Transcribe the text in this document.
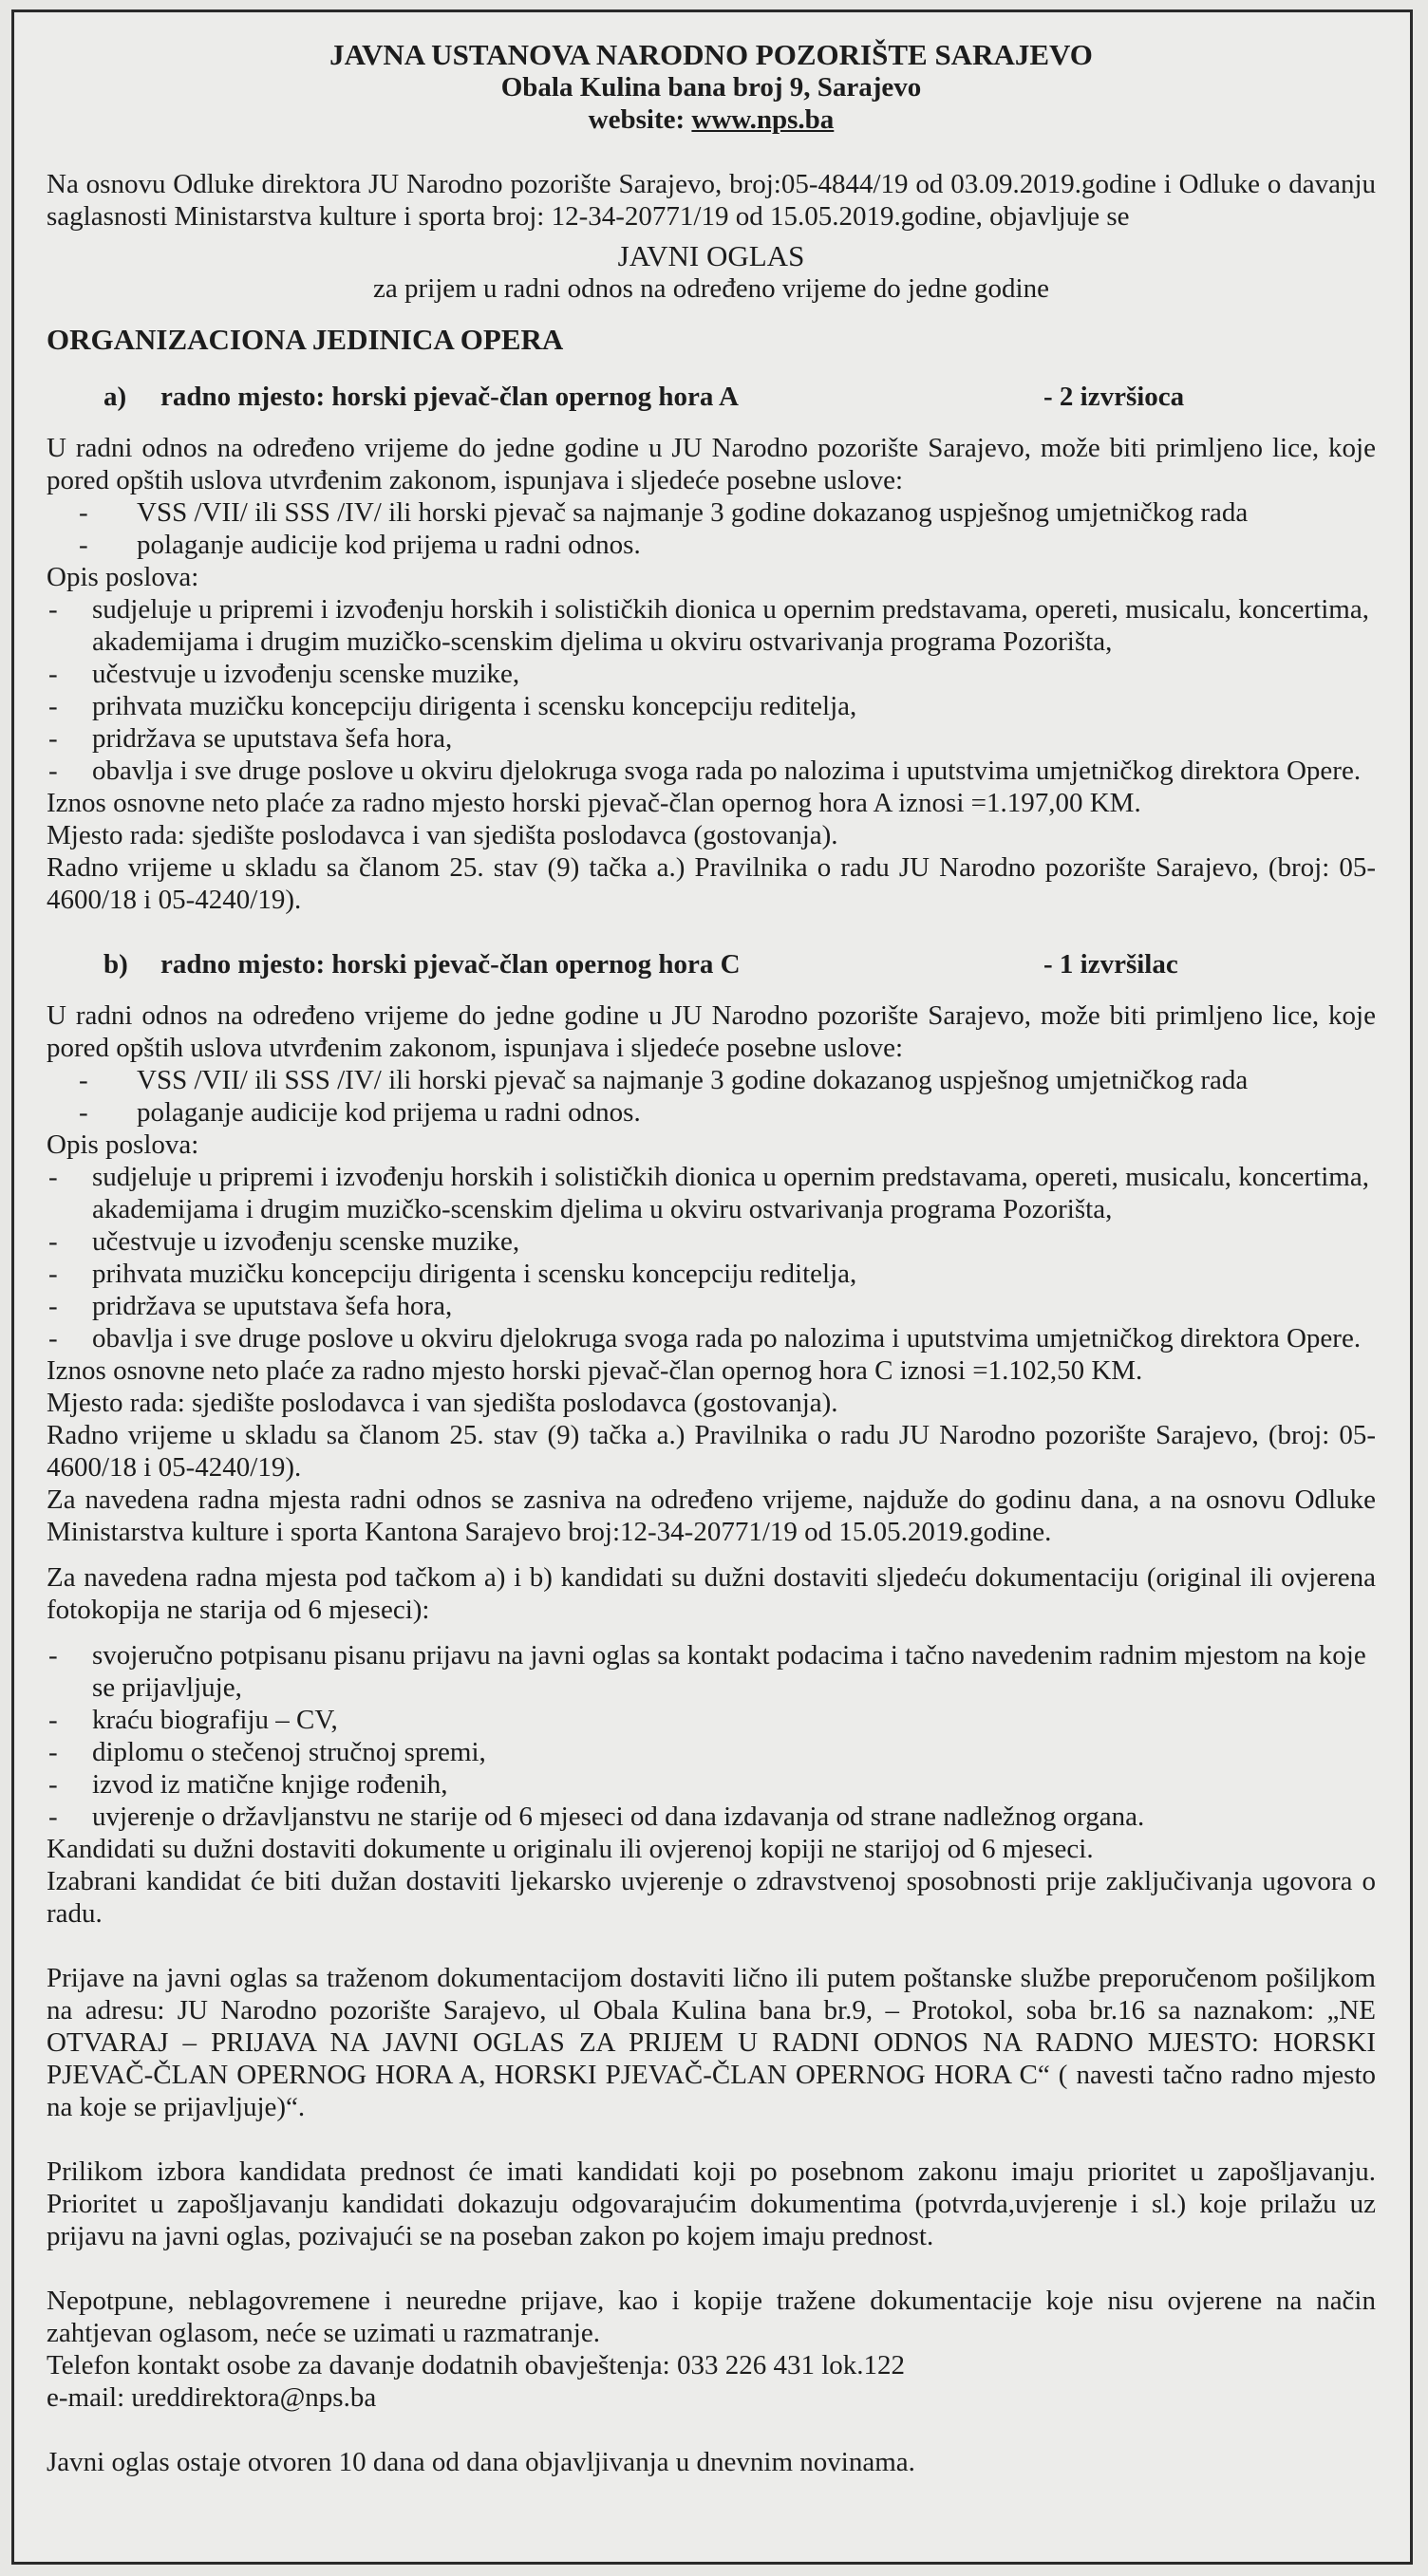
JAVNA USTANOVA NARODNO POZORIŠTE SARAJEVO

Obala Kulina bana broj 9, Sarajevo

website: www.nps.ba

Na osnovu Odluke direktora JU Narodno pozorište Sarajevo, broj:05-4844/19 od 03.09.2019.godine i Odluke o davanju saglasnosti Ministarstva kulture i sporta broj: 12-34-20771/19 od 15.05.2019.godine, objavljuje se

JAVNI OGLAS

za prijem u radni odnos na određeno vrijeme do jedne godine

ORGANIZACIONA JEDINICA OPERA

a)	radno mjesto: horski pjevač-član opernog hora A	- 2 izvršioca

U radni odnos na određeno vrijeme do jedne godine u JU Narodno pozorište Sarajevo, može biti primljeno lice, koje pored opštih uslova utvrđenim zakonom, ispunjava i sljedeće posebne uslove:

- VSS /VII/ ili SSS /IV/ ili horski pjevač sa najmanje 3 godine dokazanog uspješnog umjetničkog rada
- polaganje audicije kod prijema u radni odnos.

Opis poslova:

- sudjeluje u pripremi i izvođenju horskih i solističkih dionica u opernim predstavama, opereti, musicalu, koncertima, akademijama i drugim muzičko-scenskim djelima u okviru ostvarivanja programa Pozorišta,
- učestvuje u izvođenju scenske muzike,
- prihvata muzičku koncepciju dirigenta i scensku koncepciju reditelja,
- pridržava se uputstava šefa hora,
- obavlja i sve druge poslove u okviru djelokruga svoga rada po nalozima i uputstvima umjetničkog direktora Opere.

Iznos osnovne neto plaće za radno mjesto horski pjevač-član opernog hora A iznosi =1.197,00 KM.

Mjesto rada: sjedište poslodavca i van sjedišta poslodavca (gostovanja).

Radno vrijeme u skladu sa članom 25. stav (9) tačka a.) Pravilnika o radu JU Narodno pozorište Sarajevo, (broj: 05-4600/18 i 05-4240/19).

b)	radno mjesto: horski pjevač-član opernog hora C	- 1 izvršilac

U radni odnos na određeno vrijeme do jedne godine u JU Narodno pozorište Sarajevo, može biti primljeno lice, koje pored opštih uslova utvrđenim zakonom, ispunjava i sljedeće posebne uslove:

- VSS /VII/ ili SSS /IV/ ili horski pjevač sa najmanje 3 godine dokazanog uspješnog umjetničkog rada
- polaganje audicije kod prijema u radni odnos.

Opis poslova:

- sudjeluje u pripremi i izvođenju horskih i solističkih dionica u opernim predstavama, opereti, musicalu, koncertima, akademijama i drugim muzičko-scenskim djelima u okviru ostvarivanja programa Pozorišta,
- učestvuje u izvođenju scenske muzike,
- prihvata muzičku koncepciju dirigenta i scensku koncepciju reditelja,
- pridržava se uputstava šefa hora,
- obavlja i sve druge poslove u okviru djelokruga svoga rada po nalozima i uputstvima umjetničkog direktora Opere.

Iznos osnovne neto plaće za radno mjesto horski pjevač-član opernog hora C iznosi =1.102,50 KM.

Mjesto rada: sjedište poslodavca i van sjedišta poslodavca (gostovanja).

Radno vrijeme u skladu sa članom 25. stav (9) tačka a.) Pravilnika o radu JU Narodno pozorište Sarajevo, (broj: 05-4600/18 i 05-4240/19).

Za navedena radna mjesta radni odnos se zasniva na određeno vrijeme, najduže do godinu dana, a na osnovu Odluke Ministarstva kulture i sporta Kantona Sarajevo broj:12-34-20771/19 od 15.05.2019.godine.

Za navedena radna mjesta pod tačkom a) i b) kandidati su dužni dostaviti sljedeću dokumentaciju (original ili ovjerena fotokopija ne starija od 6 mjeseci):

- svojeručno potpisanu pisanu prijavu na javni oglas sa kontakt podacima i tačno navedenim radnim mjestom na koje se prijavljuje,
- kraću biografiju – CV,
- diplomu o stečenoj stručnoj spremi,
- izvod iz matične knjige rođenih,
- uvjerenje o državljanstvu ne starije od 6 mjeseci od dana izdavanja od strane nadležnog organa.

Kandidati su dužni dostaviti dokumente u originalu ili ovjerenoj kopiji ne starijoj od 6 mjeseci.

Izabrani kandidat će biti dužan dostaviti ljekarsko uvjerenje o zdravstvenoj sposobnosti prije zaključivanja ugovora o radu.

Prijave na javni oglas sa traženom dokumentacijom dostaviti lično ili putem poštanske službe preporučenom pošiljkom na adresu: JU Narodno pozorište Sarajevo, ul Obala Kulina bana br.9, – Protokol, soba br.16 sa naznakom: „NE OTVARAJ – PRIJAVA NA JAVNI OGLAS ZA PRIJEM U RADNI ODNOS NA RADNO MJESTO: HORSKI PJEVAČ-ČLAN OPERNOG HORA A, HORSKI PJEVAČ-ČLAN OPERNOG HORA C“ ( navesti tačno radno mjesto na koje se prijavljuje)“.

Prilikom izbora kandidata prednost će imati kandidati koji po posebnom zakonu imaju prioritet u zapošljavanju. Prioritet u zapošljavanju kandidati dokazuju odgovarajućim dokumentima (potvrda,uvjerenje i sl.) koje prilažu uz prijavu na javni oglas, pozivajući se na poseban zakon po kojem imaju prednost.

Nepotpune, neblagovremene i neuredne prijave, kao i kopije tražene dokumentacije koje nisu ovjerene na način zahtjevan oglasom, neće se uzimati u razmatranje.

Telefon kontakt osobe za davanje dodatnih obavještenja: 033 226 431 lok.122

e-mail: ureddirektora@nps.ba

Javni oglas ostaje otvoren 10 dana od dana objavljivanja u dnevnim novinama.
